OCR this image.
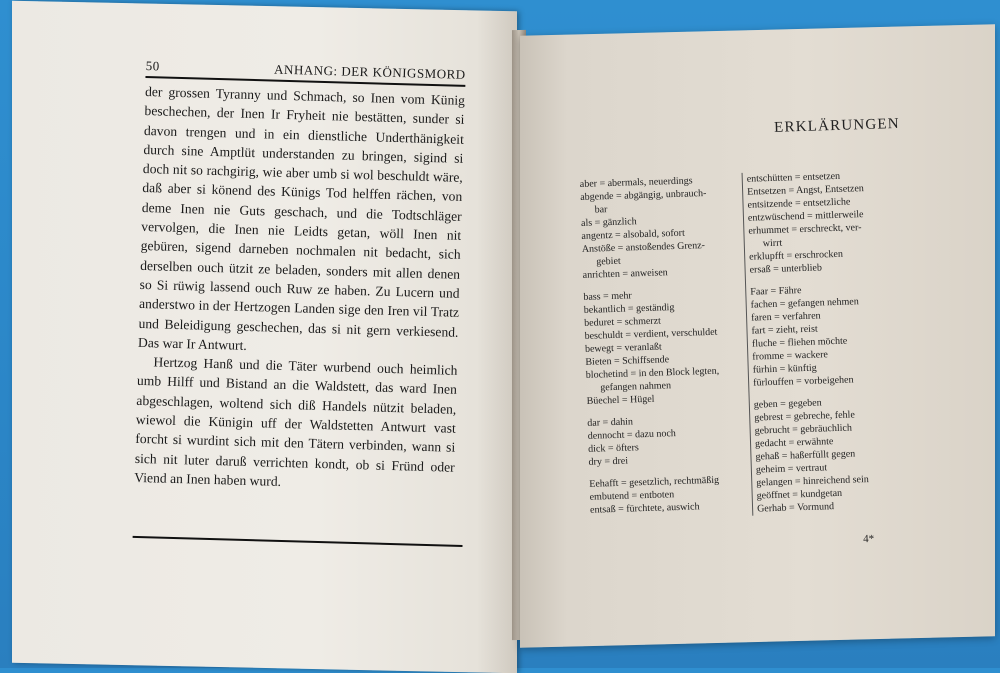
50	ANHANG: DER KÖNIGSMORD

der grossen Tyranny und Schmach, so Inen vom Künig beschechen, der Inen Ir Fryheit nie bestätten, sunder si davon trengen und in ein dienstliche Underthänigkeit durch sine Amptlüt understanden zu bringen, sigind si doch nit so rachgirig, wie aber umb si wol beschuldt wäre, daß aber si könend des Künigs Tod helffen rächen, von deme Inen nie Guts geschach, und die Todtschläger vervolgen, die Inen nie Leidts getan, wöll Inen nit gebüren, sigend darneben nochmalen nit bedacht, sich derselben ouch ützit ze beladen, sonders mit allen denen so Si rüwig lassend ouch Ruw ze haben. Zu Lucern und anderstwo in der Hertzogen Landen sige den Iren vil Tratz und Beleidigung geschechen, das si nit gern verkiesend. Das war Ir Antwurt.

Hertzog Hanß und die Täter wurbend ouch heimlich umb Hilff und Bistand an die Waldstett, das ward Inen abgeschlagen, woltend sich diß Handels nützit beladen, wiewol die Künigin uff der Waldstetten Antwurt vast forcht si wurdint sich mit den Tätern verbinden, wann si sich nit luter daruß verrichten kondt, ob si Fründ oder Viend an Inen haben wurd.

ERKLÄRUNGEN
aber = abermals, neuerdings
abgende = abgängig, unbrauch-
bar
als = gänzlich
angentz = alsobald, sofort
Anstöße = anstoßendes Grenz-
gebiet
anrichten = anweisen
bass = mehr
bekantlich = geständig
beduret = schmerzt
beschuldt = verdient, verschuldet
bewegt = veranlaßt
Bieten = Schiffsende
blochetind = in den Block legten,
gefangen nahmen
Büechel = Hügel
dar = dahin
dennocht = dazu noch
dick = öfters
dry = drei
Eehafft = gesetzlich, rechtmäßig
embutend = entboten
entsaß = fürchtete, auswich
entschütten = entsetzen
Entsetzen = Angst, Entsetzen
entsitzende = entsetzliche
entzwüschend = mittlerweile
erhummet = erschreckt, ver-
wirrt
erklupfft = erschrocken
ersaß = unterblieb
Faar = Fähre
fachen = gefangen nehmen
faren = verfahren
fart = zieht, reist
fluche = fliehen möchte
fromme = wackere
fürhin = künftig
fürlouffen = vorbeigehen
geben = gegeben
gebrest = gebreche, fehle
gebrucht = gebräuchlich
gedacht = erwähnte
gehaß = haßerfüllt gegen
geheim = vertraut
gelangen = hinreichend sein
geöffnet = kundgetan
Gerhab = Vormund
4*
